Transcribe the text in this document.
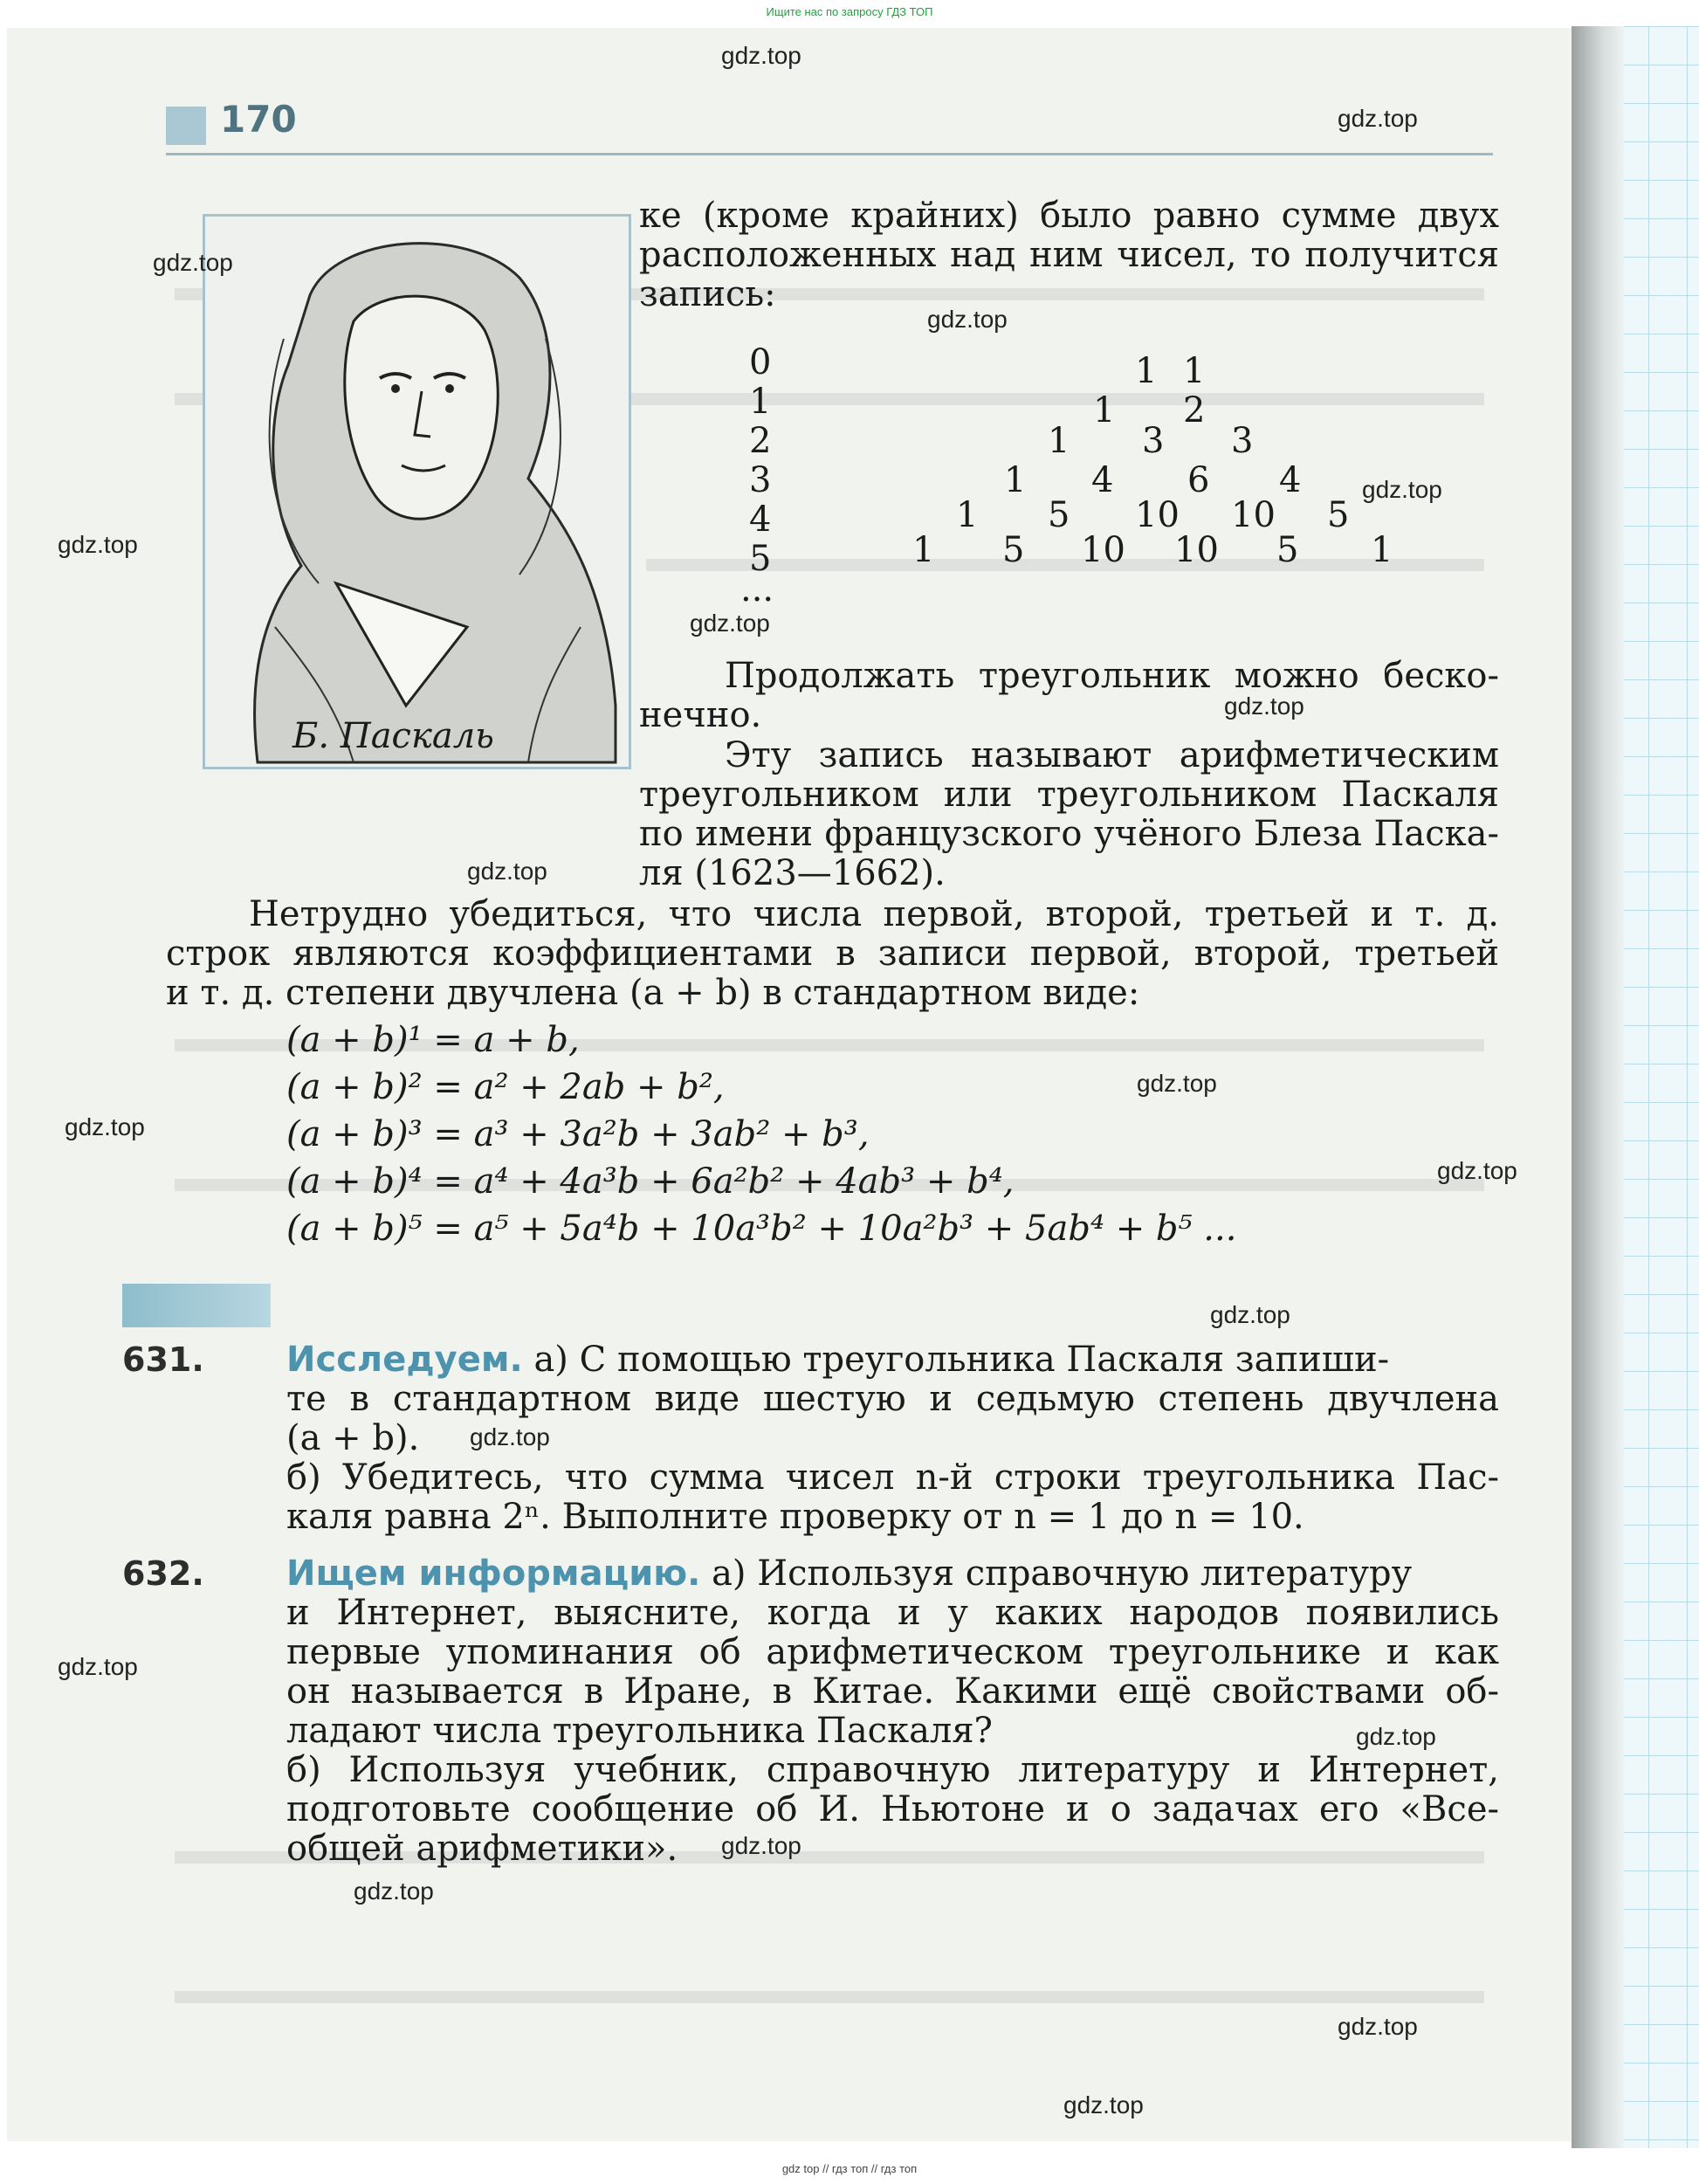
Ищите нас по запросу ГДЗ ТОП
170
Б. Паскаль
ке (кроме крайних) было равно сумме двух
расположенных над ним чисел, то получится
запись:
0
1
2
3
4
5
1 1
1 2
1 3 3
1 4 6 4
1 5 10 10 5
1 5 10 10 5 1
...
Продолжать треугольник можно беско-
нечно.
Эту запись называют арифметическим
треугольником или треугольником Паскаля
по имени французского учёного Блеза Паска-
ля (1623—1662).
Нетрудно убедиться, что числа первой, второй, третьей и т. д.
строк являются коэффициентами в записи первой, второй, третьей
и т. д. степени двучлена (a + b) в стандартном виде:
(a + b)¹ = a + b,
(a + b)² = a² + 2ab + b²,
(a + b)³ = a³ + 3a²b + 3ab² + b³,
(a + b)⁴ = a⁴ + 4a³b + 6a²b² + 4ab³ + b⁴,
(a + b)⁵ = a⁵ + 5a⁴b + 10a³b² + 10a²b³ + 5ab⁴ + b⁵ ...
631. Исследуем. а) С помощью треугольника Паскаля запиши-
те в стандартном виде шестую и седьмую степень двучлена
(a + b).
б) Убедитесь, что сумма чисел n-й строки треугольника Пас-
каля равна 2ⁿ. Выполните проверку от n = 1 до n = 10.
632. Ищем информацию. а) Используя справочную литературу
и Интернет, выясните, когда и у каких народов появились
первые упоминания об арифметическом треугольнике и как
он называется в Иране, в Китае. Какими ещё свойствами об-
ладают числа треугольника Паскаля?
б) Используя учебник, справочную литературу и Интернет,
подготовьте сообщение об И. Ньютоне и о задачах его «Все-
общей арифметики».
gdz.top
gdz.top
gdz.top
gdz.top
gdz.top
gdz.top
gdz.top
gdz.top
gdz.top
gdz.top
gdz.top
gdz.top
gdz.top
gdz.top
gdz.top
gdz.top
gdz.top
gdz.top
gdz.top
gdz.top
gdz top // гдз топ // гдз топ
